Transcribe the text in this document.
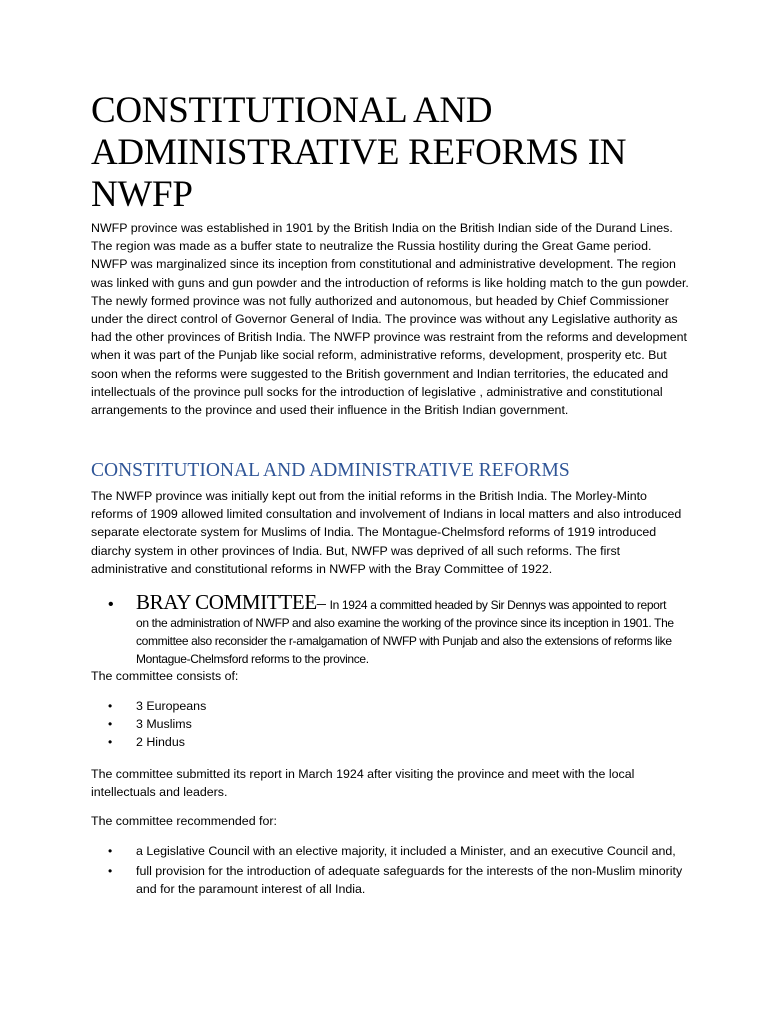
CONSTITUTIONAL AND
ADMINISTRATIVE REFORMS IN
NWFP

NWFP province was established in 1901 by the British India on the British Indian side of the Durand Lines. The region was made as a buffer state to neutralize the Russia hostility during the Great Game period. NWFP was marginalized since its inception from constitutional and administrative development. The region was linked with guns and gun powder and the introduction of reforms is like holding match to the gun powder. The newly formed province was not fully authorized and autonomous, but headed by Chief Commissioner under the direct control of Governor General of India. The province was without any Legislative authority as had the other provinces of British India. The NWFP province was restraint from the reforms and development when it was part of the Punjab like social reform, administrative reforms, development, prosperity etc. But soon when the reforms were suggested to the British government and Indian territories, the educated and intellectuals of the province pull socks for the introduction of legislative , administrative and constitutional arrangements to the province and used their influence in the British Indian government.

CONSTITUTIONAL AND ADMINISTRATIVE REFORMS

The NWFP province was initially kept out from the initial reforms in the British India. The Morley-Minto reforms of 1909 allowed limited consultation and involvement of Indians in local matters and also introduced separate electorate system for Muslims of India. The Montague-Chelmsford reforms of 1919 introduced diarchy system in other provinces of India. But, NWFP was deprived of all such reforms. The first administrative and constitutional reforms in NWFP with the Bray Committee of 1922.

• BRAY COMMITTEE– In 1924 a committed headed by Sir Dennys was appointed to report on the administration of NWFP and also examine the working of the province since its inception in 1901. The committee also reconsider the r-amalgamation of NWFP with Punjab and also the extensions of reforms like Montague-Chelmsford reforms to the province.

The committee consists of:

• 3 Europeans
• 3 Muslims
• 2 Hindus

The committee submitted its report in March 1924 after visiting the province and meet with the local intellectuals and leaders.

The committee recommended for:

• a Legislative Council with an elective majority, it included a Minister, and an executive Council and,
• full provision for the introduction of adequate safeguards for the interests of the non-Muslim minority and for the paramount interest of all India.
